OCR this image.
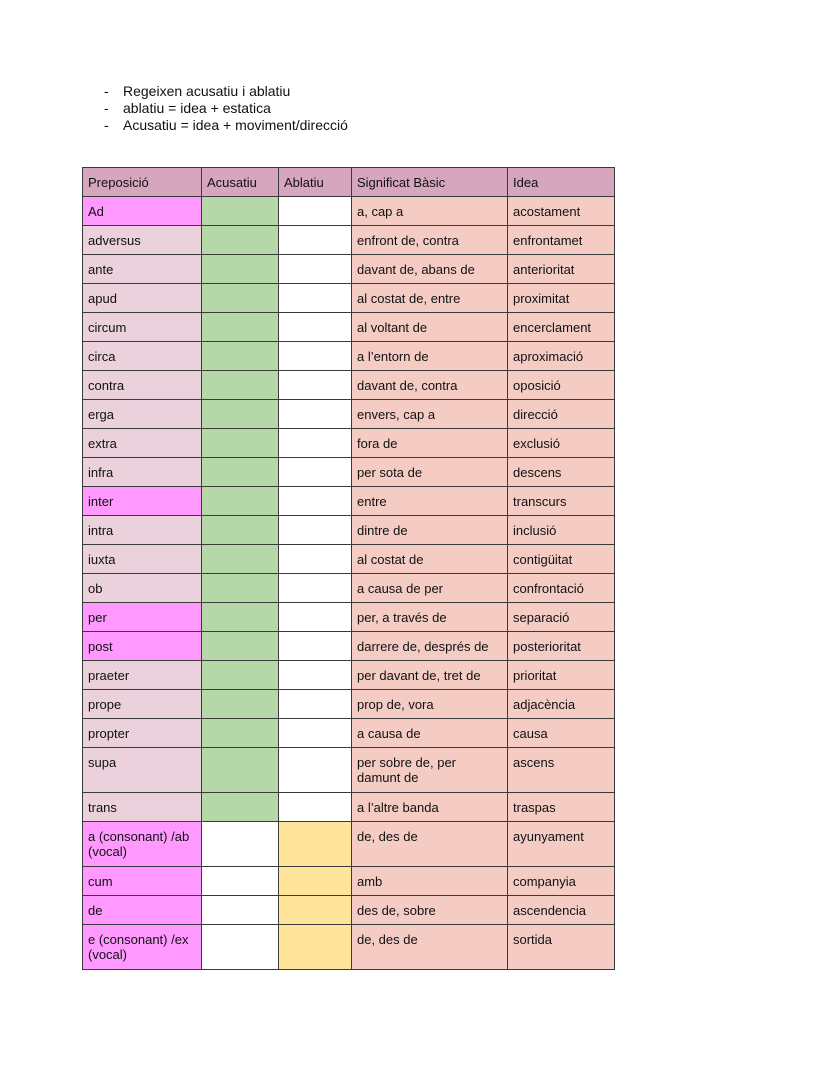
- Regeixen acusatiu i ablatiu
- ablatiu = idea + estatica
- Acusatiu = idea + moviment/direcció
Preposició	Acusatiu	Ablatiu	Significat Bàsic	Idea
Ad			a, cap a	acostament
adversus			enfront de, contra	enfrontamet
ante			davant de, abans de	anterioritat
apud			al costat de, entre	proximitat
circum			al voltant de	encerclament
circa			a l’entorn de	aproximació
contra			davant de, contra	oposició
erga			envers, cap a	direcció
extra			fora de	exclusió
infra			per sota de	descens
inter			entre	transcurs
intra			dintre de	inclusió
iuxta			al costat de	contigüitat
ob			a causa de per	confrontació
per			per, a través de	separació
post			darrere de, després de	posterioritat
praeter			per davant de, tret de	prioritat
prope			prop de, vora	adjacència
propter			a causa de	causa
supa			per sobre de, per damunt de	ascens
trans			a l’altre banda	traspas
a (consonant) /ab (vocal)			de, des de	ayunyament
cum			amb	companyia
de			des de, sobre	ascendencia
e (consonant) /ex (vocal)			de, des de	sortida
